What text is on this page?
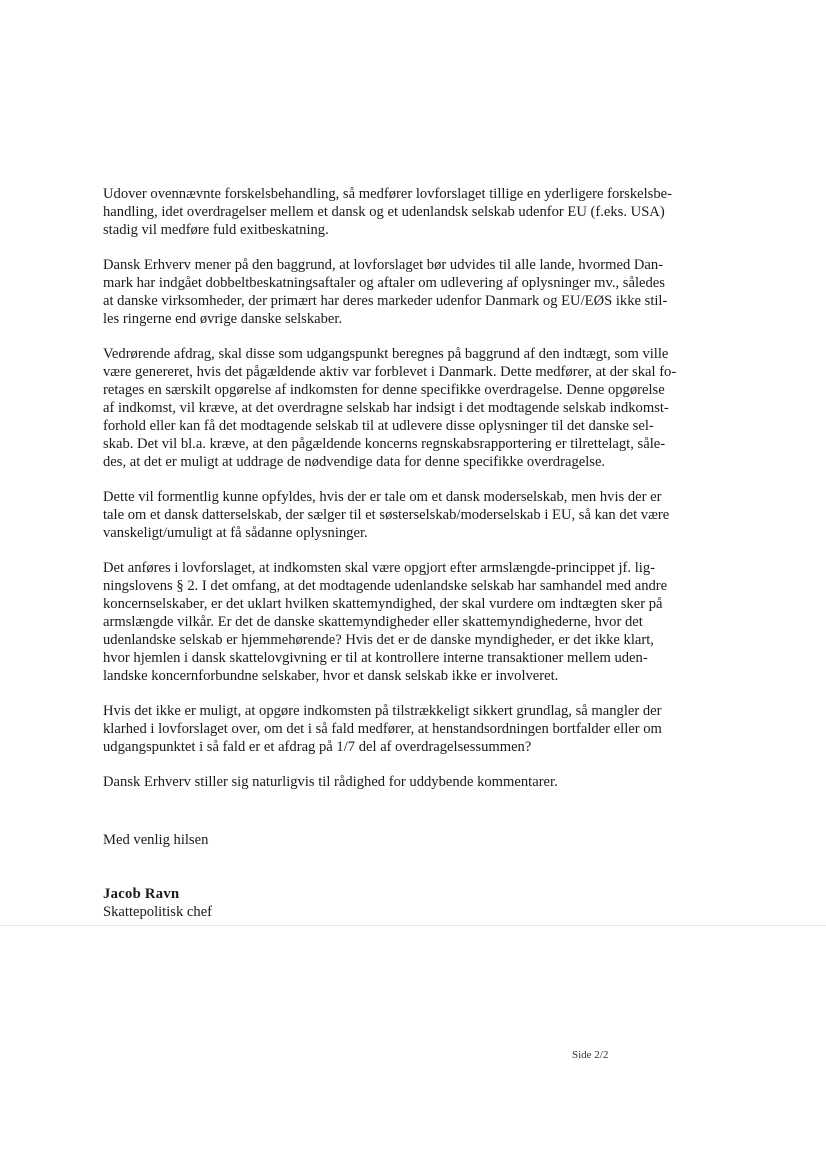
Udover ovennævnte forskelsbehandling, så medfører lovforslaget tillige en yderligere forskelsbe-
handling, idet overdragelser mellem et dansk og et udenlandsk selskab udenfor EU (f.eks. USA)
stadig vil medføre fuld exitbeskatning.

Dansk Erhverv mener på den baggrund, at lovforslaget bør udvides til alle lande, hvormed Dan-
mark har indgået dobbeltbeskatningsaftaler og aftaler om udlevering af oplysninger mv., således
at danske virksomheder, der primært har deres markeder udenfor Danmark og EU/EØS ikke stil-
les ringerne end øvrige danske selskaber.

Vedrørende afdrag, skal disse som udgangspunkt beregnes på baggrund af den indtægt, som ville
være genereret, hvis det pågældende aktiv var forblevet i Danmark. Dette medfører, at der skal fo-
retages en særskilt opgørelse af indkomsten for denne specifikke overdragelse. Denne opgørelse
af indkomst, vil kræve, at det overdragne selskab har indsigt i det modtagende selskab indkomst-
forhold eller kan få det modtagende selskab til at udlevere disse oplysninger til det danske sel-
skab. Det vil bl.a. kræve, at den pågældende koncerns regnskabsrapportering er tilrettelagt, såle-
des, at det er muligt at uddrage de nødvendige data for denne specifikke overdragelse.

Dette vil formentlig kunne opfyldes, hvis der er tale om et dansk moderselskab, men hvis der er
tale om et dansk datterselskab, der sælger til et søsterselskab/moderselskab i EU, så kan det være
vanskeligt/umuligt at få sådanne oplysninger.

Det anføres i lovforslaget, at indkomsten skal være opgjort efter armslængde-princippet jf. lig-
ningslovens § 2. I det omfang, at det modtagende udenlandske selskab har samhandel med andre
koncernselskaber, er det uklart hvilken skattemyndighed, der skal vurdere om indtægten sker på
armslængde vilkår. Er det de danske skattemyndigheder eller skattemyndighederne, hvor det
udenlandske selskab er hjemmehørende? Hvis det er de danske myndigheder, er det ikke klart,
hvor hjemlen i dansk skattelovgivning er til at kontrollere interne transaktioner mellem uden-
landske koncernforbundne selskaber, hvor et dansk selskab ikke er involveret.

Hvis det ikke er muligt, at opgøre indkomsten på tilstrækkeligt sikkert grundlag, så mangler der
klarhed i lovforslaget over, om det i så fald medfører, at henstandsordningen bortfalder eller om
udgangspunktet i så fald er et afdrag på 1/7 del af overdragelsessummen?

Dansk Erhverv stiller sig naturligvis til rådighed for uddybende kommentarer.

Med venlig hilsen
Jacob Ravn
Skattepolitisk chef
Side 2/2
